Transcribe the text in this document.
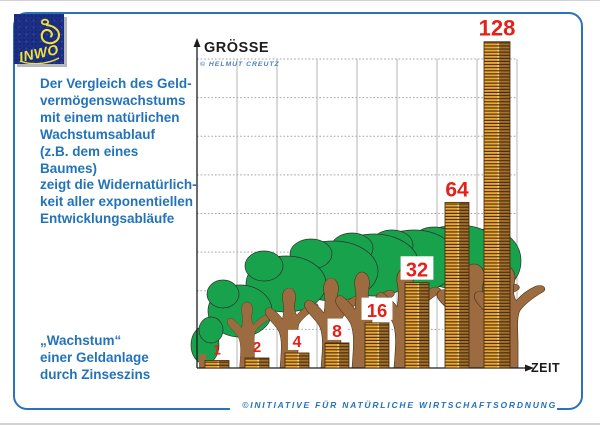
1 2 4
8
16
32
64
128
INWO
Der Vergleich des Geld-
vermögenswachstums
mit einem natürlichen
Wachstumsablauf
(z.B. dem eines Baumes)
zeigt die Widernatürlich-
keit aller exponentiellen
Entwicklungsabläufe
„Wachstum“
einer Geldanlage
durch Zinseszins
GRÖSSE
© HELMUT CREUTZ
ZEIT
©INITIATIVE FÜR NATÜRLICHE WIRTSCHAFTSORDNUNG
